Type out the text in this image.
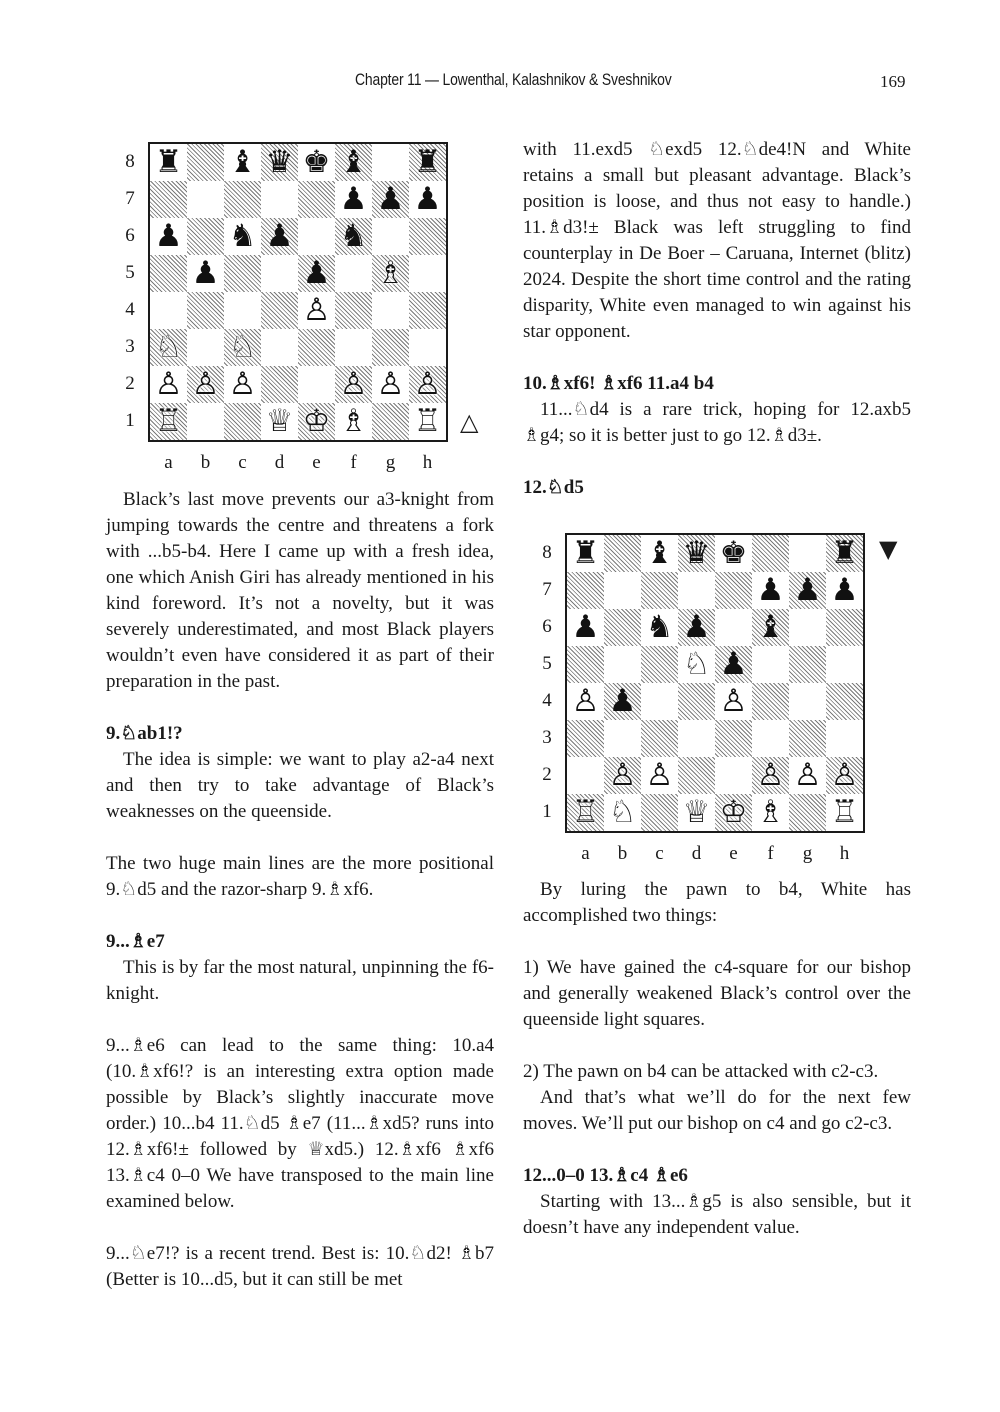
Chapter 11 — Lowenthal, Kalashnikov & Sveshnikov	169
♜ ♝ ♛ ♚ ♝ ♜
♟ ♟ ♟
♟ ♞ ♟ ♞
♟	♟ ♗
♙
♘ ♘
♙ ♙ ♙	♙ ♙ ♙
♖	♕ ♔ ♗ ♖
8
7
6
5
4
3
2
1
a	b	c	d	e	f	g	h
△
♜ ♝ ♛ ♚	♜
♟ ♟ ♟
♟ ♞ ♟ ♝
♘ ♟
♙ ♟	♙
♙ ♙	♙ ♙ ♙
♖ ♘ ♕ ♔ ♗ ♖
8
7
6
5
4
3
2
1
a	b	c	d	e	f	g	h
▼

Black’s last move prevents our a3-knight from jumping towards the centre and threatens a fork with ...b5-b4. Here I came up with a fresh idea, one which Anish Giri has already mentioned in his kind foreword. It’s not a novelty, but it was severely underestimated, and most Black players wouldn’t even have considered it as part of their preparation in the past.

9.♘ab1!?

The idea is simple: we want to play a2-a4 next and then try to take advantage of Black’s weaknesses on the queenside.

The two huge main lines are the more positional 9.♘d5 and the razor-sharp 9.♗xf6.

9...♗e7

This is by far the most natural, unpinning the f6-knight.

9...♗e6 can lead to the same thing: 10.a4 (10.♗xf6!? is an interesting extra option made possible by Black’s slightly inaccurate move order.) 10...b4 11.♘d5 ♗e7 (11...♗xd5? runs into 12.♗xf6!± followed by ♕xd5.) 12.♗xf6 ♗xf6 13.♗c4 0–0 We have transposed to the main line examined below.

9...♘e7!? is a recent trend. Best is: 10.♘d2! ♗b7 (Better is 10...d5, but it can still be met

with 11.exd5 ♘exd5 12.♘de4!N and White retains a small but pleasant advantage. Black’s position is loose, and thus not easy to handle.) 11.♗d3!± Black was left struggling to find counterplay in De Boer – Caruana, Internet (blitz) 2024. Despite the short time control and the rating disparity, White even managed to win against his star opponent.

10.♗xf6! ♗xf6 11.a4 b4

11...♘d4 is a rare trick, hoping for 12.axb5 ♗g4; so it is better just to go 12.♗d3±.

12.♘d5

By luring the pawn to b4, White has accomplished two things:

1) We have gained the c4-square for our bishop and generally weakened Black’s control over the queenside light squares.

2) The pawn on b4 can be attacked with c2-c3.

And that’s what we’ll do for the next few moves. We’ll put our bishop on c4 and go c2-c3.

12...0–0 13.♗c4 ♗e6

Starting with 13...♗g5 is also sensible, but it doesn’t have any independent value.
